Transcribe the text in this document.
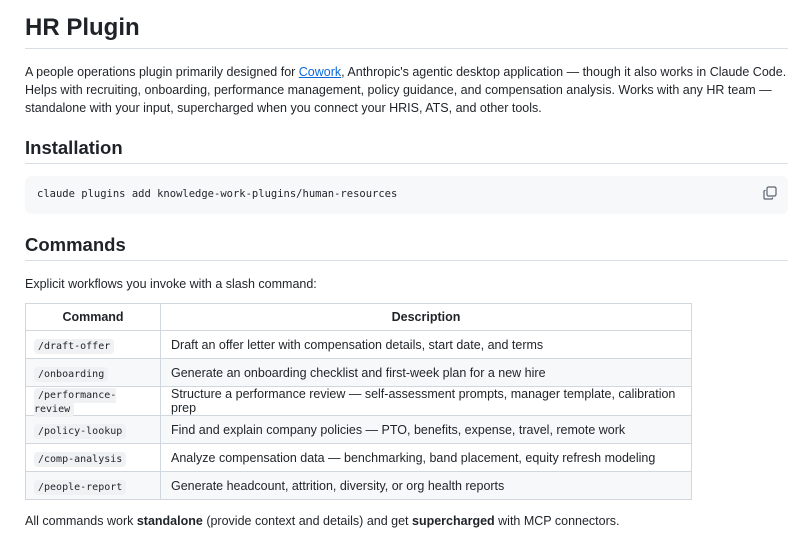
HR Plugin

A people operations plugin primarily designed for Cowork, Anthropic's agentic desktop application — though it also works in Claude Code. Helps with recruiting, onboarding, performance management, policy guidance, and compensation analysis. Works with any HR team — standalone with your input, supercharged when you connect your HRIS, ATS, and other tools.

Installation
claude plugins add knowledge-work-plugins/human-resources
Commands

Explicit workflows you invoke with a slash command:

Command	Description
/draft-offer	Draft an offer letter with compensation details, start date, and terms
/onboarding	Generate an onboarding checklist and first-week plan for a new hire
/performance-review	Structure a performance review — self-assessment prompts, manager template, calibration prep
/policy-lookup	Find and explain company policies — PTO, benefits, expense, travel, remote work
/comp-analysis	Analyze compensation data — benchmarking, band placement, equity refresh modeling
/people-report	Generate headcount, attrition, diversity, or org health reports

All commands work standalone (provide context and details) and get supercharged with MCP connectors.
